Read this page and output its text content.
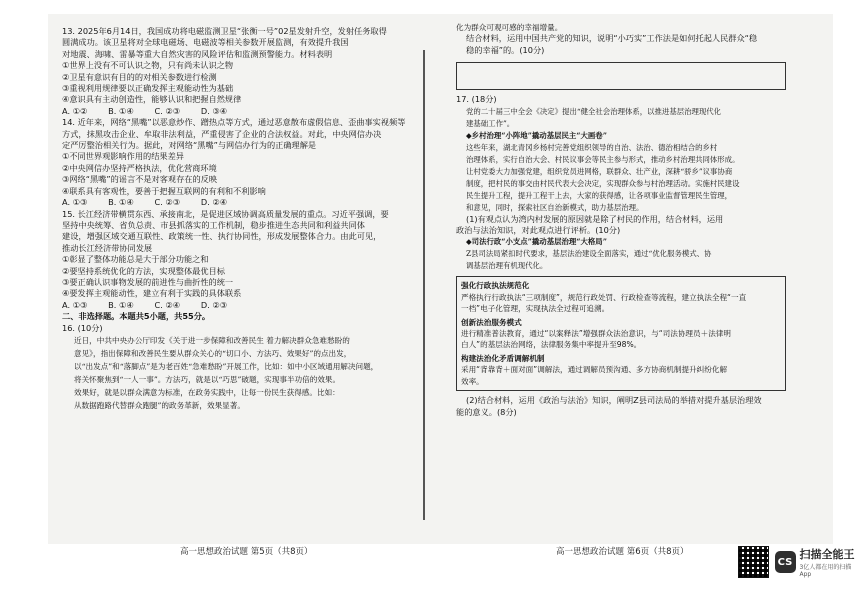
13. 2025年6月14日，我国成功将电磁监测卫星“张衡一号”02星发射升空，发射任务取得

圆满成功。该卫星将对全球电磁场、电磁波等相关参数开展监测，有效提升我国

对地震、海啸、雷暴等重大自然灾害的风险评估和监测预警能力。材料表明

①世界上没有不可认识之物，只有尚未认识之物

②卫星有意识有目的的对相关参数进行检测

③重视利用规律要以正确发挥主观能动性为基础

④意识具有主动创造性，能够认识和把握自然规律

A. ①②        B. ①④        C. ②③        D. ③④

14. 近年来，网络“黑嘴”以恶意炒作、蹭热点等方式，通过恶意散布虚假信息、歪曲事实视频等

方式，抹黑攻击企业、牟取非法利益，严重侵害了企业的合法权益。对此，中央网信办决

定严厉整治相关行为。据此，对网络“黑嘴”与网信办行为的正确理解是

①不同世界观影响作用的结果差异

②中央网信办坚持严格执法，优化营商环境

③网络“黑嘴”的谣言不是对客观存在的反映

④联系具有客观性，要善于把握互联网的有利和不利影响

A. ①③        B. ①④        C. ②③        D. ②④

15. 长江经济带横贯东西、承接南北，是促进区域协调高质量发展的重点。习近平强调，要

坚持中央统筹、省负总责、市县抓落实的工作机制，稳步推进生态共同和利益共同体

建设，增强区域交通互联性、政策统一性、执行协同性，形成发展整体合力。由此可见，

推动长江经济带协同发展

①彰显了整体功能总是大于部分功能之和

②要坚持系统优化的方法，实现整体最优目标

③要正确认识事物发展的前进性与曲折性的统一

④要发挥主观能动性，建立有利于实践的具体联系

A. ①③        B. ①④        C. ②④        D. ②③

二、非选择题。本题共5小题，共55分。

16. (10分)

近日，中共中央办公厅印发《关于进一步保障和改善民生 着力解决群众急难愁盼的

意见》，指出保障和改善民生要从群众关心的“切口小、方法巧、效果好”的点出发，

以“出发点”和“落脚点”是为老百姓“急难愁盼”开展工作，比如：如中小区域通用解决问题，

将关怀聚焦到“一人一事”。方法巧，就是以“巧思”破题，实现事半功倍的效果。

效果好，就是以群众满意为标准，在政务实践中，让每一份民生获得感。比如：

从数据跑路代替群众跑腿”的政务革新，效果显著。

化为群众可观可感的幸福增量。

结合材料，运用中国共产党的知识，说明“小巧实”工作法是如何托起人民群众“稳

稳的幸福”的。(10分)

17. (18分)

党的二十届三中全会《决定》提出“健全社会治理体系，以推进基层治理现代化

建基础工作”。

◆乡村治理“小阵地”撬动基层民主“大画卷”

这些年来，湖北青冈乡杨村完善党组织领导的自治、法治、德治相结合的乡村

治理体系，实行自治大会、村民议事会等民主参与形式，推动乡村治理共同体形成。

让村党委大力加强党建，组织党员进网格，联群众、壮产业，深耕“骄乡”议事协商

制度，把村民的事交由村民代表大会决定，实现群众参与村治理活动。实施村民建设

民生提升工程，提升工程干上去，大家的获得感，让各项事业监督管理民生管理，

和意见，同时，探索社区自治新模式，助力基层治理。

(1)有观点认为湾内村发展的原因就是除了村民的作用，结合材料，运用

政治与法治知识，对此观点进行评析。(10分)

◆司法行政“小支点”撬动基层治理“大格局”

Z县司法局紧扣时代要求，基层法治建设全面落实，通过“优化服务模式、协

调基层治理有机现代化。

强化行政执法规范化

严格执行行政执法“三项制度”，规范行政处罚、行政检查等流程，建立执法全程“一直

一档”电子化管理，实现执法全过程可追溯。

创新法治服务模式

进行精准普法教育，通过“以案释法”增强群众法治意识，与“司法协理员＋法律明

白人”的基层法治网络，法律服务集中率提升至98%。

构建法治化矛盾调解机制

采用“背靠背＋面对面”调解法，通过调解员预沟通、多方协商机制提升纠纷化解

效率。

(2)结合材料，运用《政治与法治》知识，阐明Z县司法局的举措对提升基层治理效

能的意义。(8分)

高一思想政治试题 第5页（共8页）	高一思想政治试题 第6页（共8页）
CS
扫描全能王
3亿人都在用的扫描App
